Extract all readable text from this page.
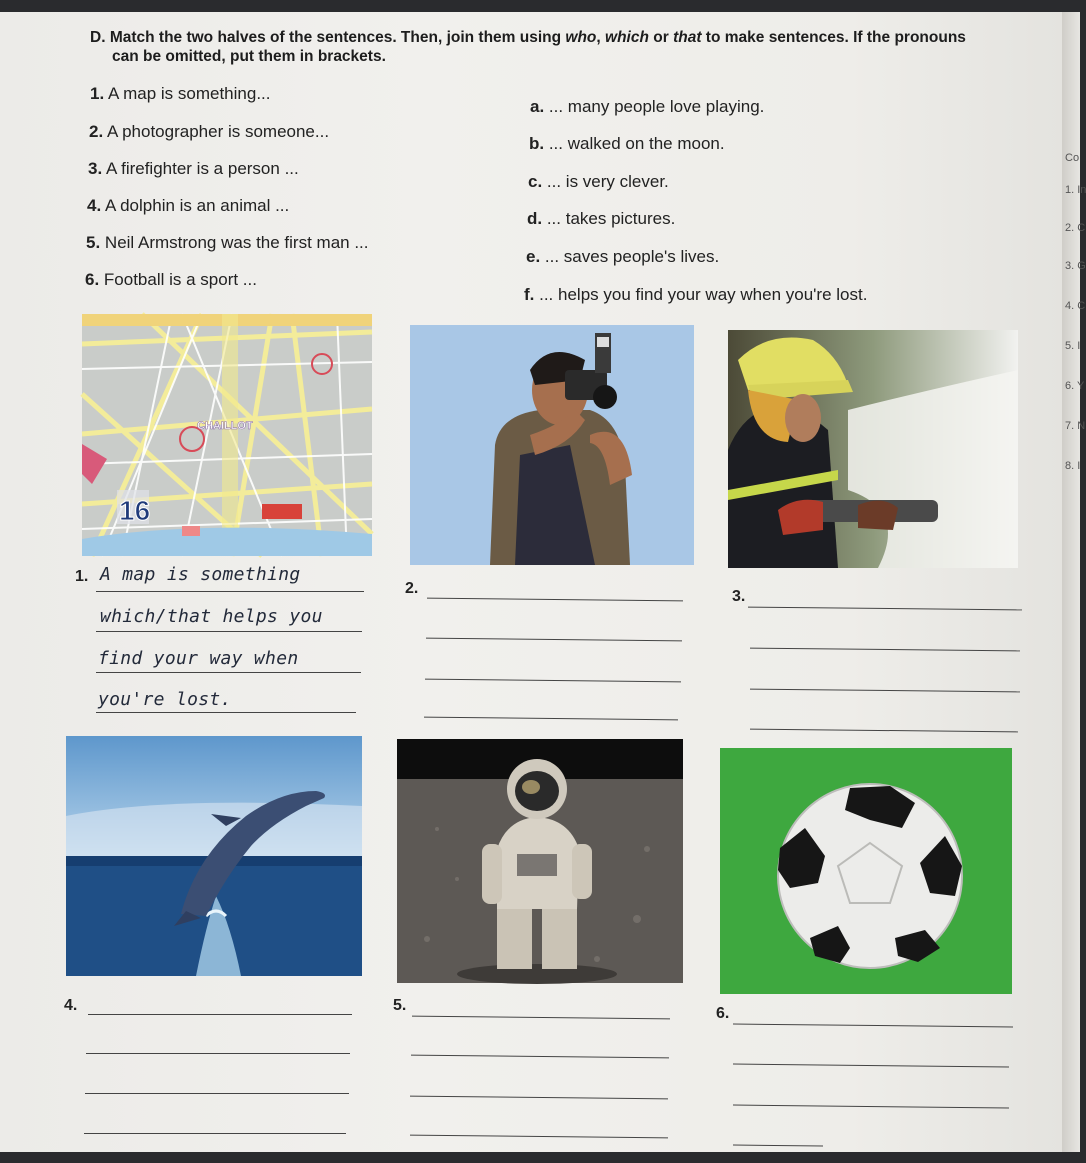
D. Match the two halves of the sentences. Then, join them using who, which or that to make sentences. If the pronouns
can be omitted, put them in brackets.
1. A map is something...
2. A photographer is someone...
3. A firefighter is a person ...
4. A dolphin is an animal ...
5. Neil Armstrong was the first man ...
6. Football is a sport ...
a. ... many people love playing.
b. ... walked on the moon.
c. ... is very clever.
d. ... takes pictures.
e. ... saves people's lives.
f. ... helps you find your way when you're lost.
CHAILLOT
16
1.
2.	3.
A map is something
which/that helps you
find your way when
you're lost.
4.	5.	6.
Co
1. In
2. C
3. G
4. C
5. I
6. Y
7. N
8. I
